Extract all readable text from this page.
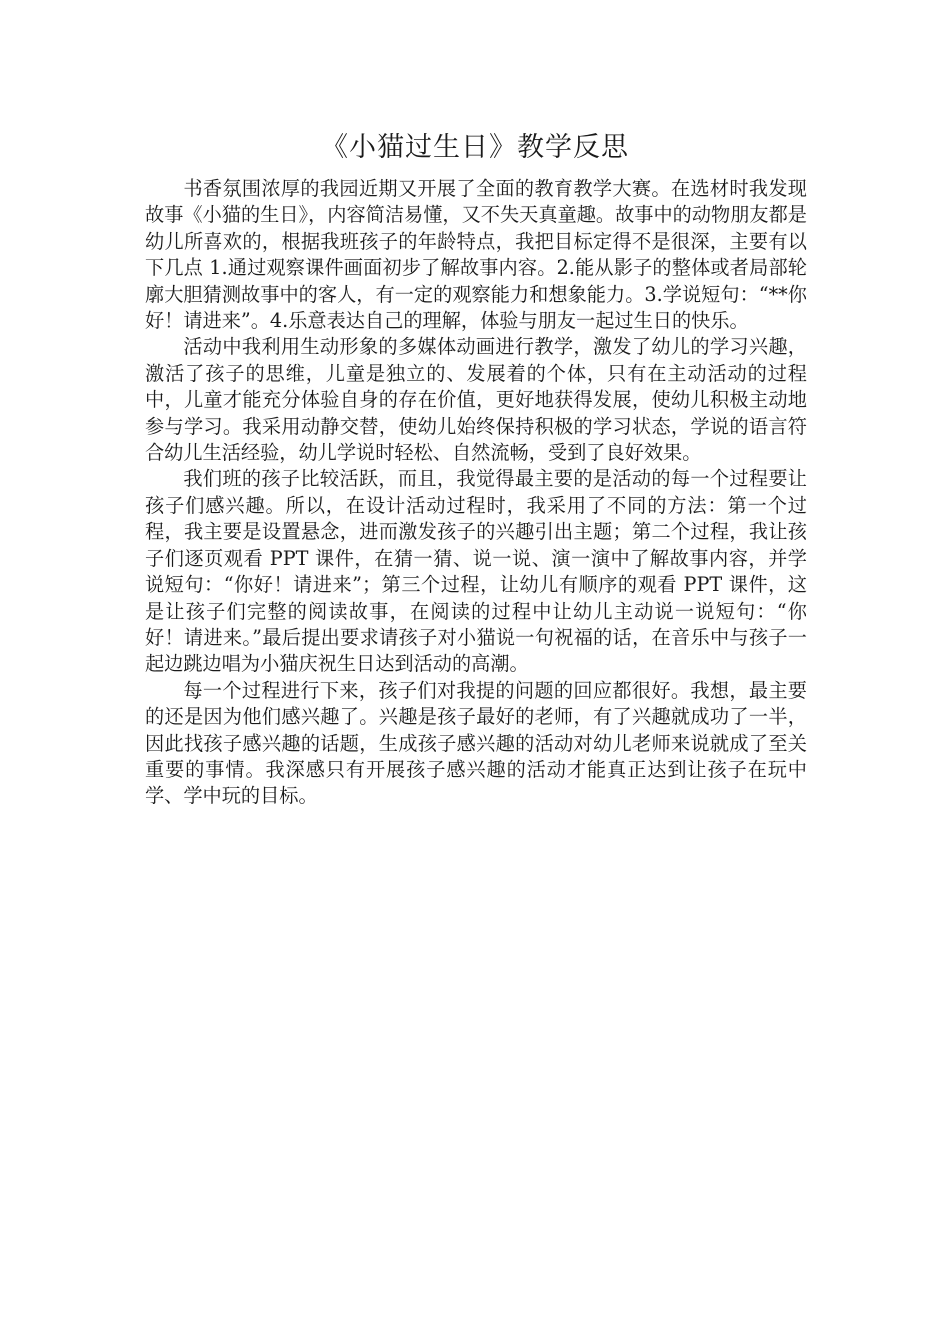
《小猫过生日》教学反思

书香氛围浓厚的我园近期又开展了全面的教育教学大赛。在选材时我发现故事《小猫的生日》，内容简洁易懂，又不失天真童趣。故事中的动物朋友都是幼儿所喜欢的，根据我班孩子的年龄特点，我把目标定得不是很深，主要有以下几点 1.通过观察课件画面初步了解故事内容。2.能从影子的整体或者局部轮廓大胆猜测故事中的客人，有一定的观察能力和想象能力。3.学说短句：“**你好！请进来”。4.乐意表达自己的理解，体验与朋友一起过生日的快乐。

活动中我利用生动形象的多媒体动画进行教学，激发了幼儿的学习兴趣，激活了孩子的思维，儿童是独立的、发展着的个体，只有在主动活动的过程中，儿童才能充分体验自身的存在价值，更好地获得发展，使幼儿积极主动地参与学习。我采用动静交替，使幼儿始终保持积极的学习状态，学说的语言符合幼儿生活经验，幼儿学说时轻松、自然流畅，受到了良好效果。

我们班的孩子比较活跃，而且，我觉得最主要的是活动的每一个过程要让孩子们感兴趣。所以，在设计活动过程时，我采用了不同的方法：第一个过程，我主要是设置悬念，进而激发孩子的兴趣引出主题；第二个过程，我让孩子们逐页观看 PPT 课件，在猜一猜、说一说、演一演中了解故事内容，并学说短句：“你好！请进来”；第三个过程，让幼儿有顺序的观看 PPT 课件，这是让孩子们完整的阅读故事，在阅读的过程中让幼儿主动说一说短句：“你好！请进来。”最后提出要求请孩子对小猫说一句祝福的话，在音乐中与孩子一起边跳边唱为小猫庆祝生日达到活动的高潮。

每一个过程进行下来，孩子们对我提的问题的回应都很好。我想，最主要的还是因为他们感兴趣了。兴趣是孩子最好的老师，有了兴趣就成功了一半，因此找孩子感兴趣的话题，生成孩子感兴趣的活动对幼儿老师来说就成了至关重要的事情。我深感只有开展孩子感兴趣的活动才能真正达到让孩子在玩中学、学中玩的目标。
